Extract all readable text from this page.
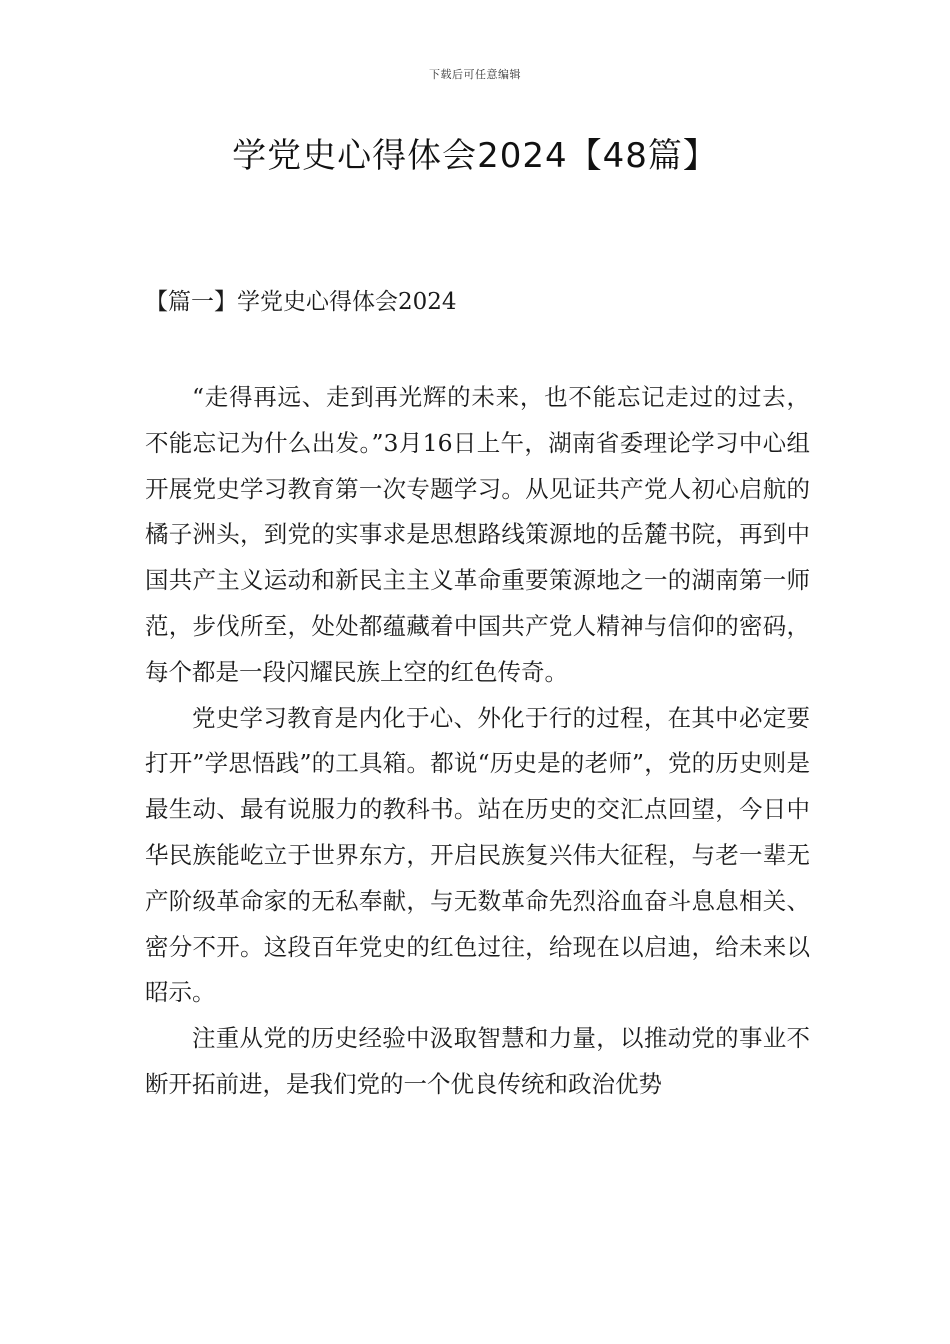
下载后可任意编辑
学党史心得体会2024【48篇】
【篇一】学党史心得体会2024

“走得再远、走到再光辉的未来，也不能忘记走过的过去，不能忘记为什么出发。”3月16日上午，湖南省委理论学习中心组开展党史学习教育第一次专题学习。从见证共产党人初心启航的橘子洲头，到党的实事求是思想路线策源地的岳麓书院，再到中国共产主义运动和新民主主义革命重要策源地之一的湖南第一师范，步伐所至，处处都蕴藏着中国共产党人精神与信仰的密码，每个都是一段闪耀民族上空的红色传奇。

党史学习教育是内化于心、外化于行的过程，在其中必定要打开”学思悟践”的工具箱。都说“历史是的老师”，党的历史则是最生动、最有说服力的教科书。站在历史的交汇点回望，今日中华民族能屹立于世界东方，开启民族复兴伟大征程，与老一辈无产阶级革命家的无私奉献，与无数革命先烈浴血奋斗息息相关、密分不开。这段百年党史的红色过往，给现在以启迪，给未来以昭示。

注重从党的历史经验中汲取智慧和力量，以推动党的事业不断开拓前进，是我们党的一个优良传统和政治优势
